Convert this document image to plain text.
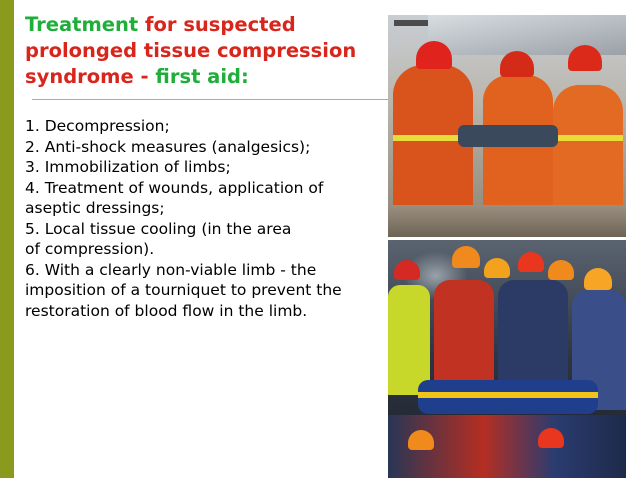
Treatment for suspected prolonged tissue compression syndrome - first aid:
1. Decompression;
2. Anti-shock measures (analgesics);
3. Immobilization of limbs;
4. Treatment of wounds, application of
aseptic dressings;
5. Local tissue cooling (in the area
of compression).
6. With a clearly non-viable limb - the
imposition of a tourniquet to prevent the
restoration of blood flow in the limb.
